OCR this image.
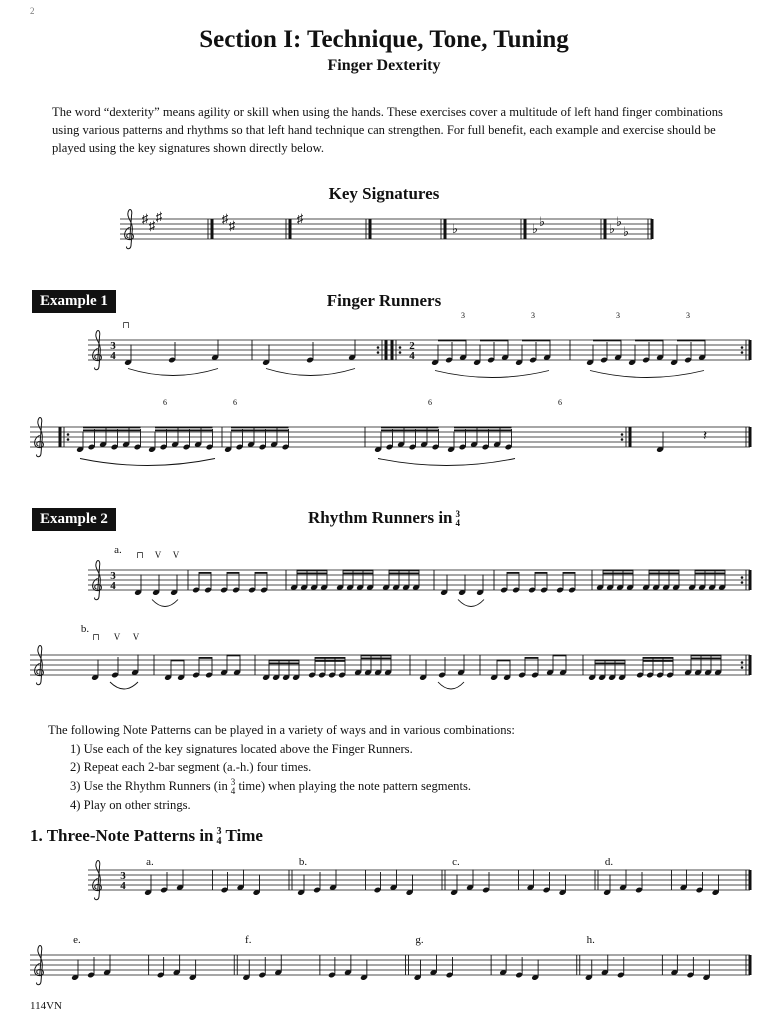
2
Section I: Technique, Tone, Tuning
Finger Dexterity
The word “dexterity” means agility or skill when using the hands. These exercises cover a multitude of left hand finger combinations using various patterns and rhythms so that left hand technique can strengthen. For full benefit, each example and exercise should be played using the key signatures shown directly below.
Key Signatures
Example 1	Finger Runners
Example 2	Rhythm Runners in 3
4
The following Note Patterns can be played in a variety of ways and in various combinations:
1) Use each of the key signatures located above the Finger Runners.
2) Repeat each 2-bar segment (a.-h.) four times.
3) Use the Rhythm Runners (in 3
4 time) when playing the note pattern segments.
4) Play on other strings.
1. Three-Note Patterns in 3
4 Time
114VN
♯ ♯
♯	♯ ♯	♯
♭	♭ ♭	♭ ♭
♭
3
4
⊓
2
4
3	3	3	3
6	6	6	6
𝄽
3
4
a. ⊓ V V
b.
⊓ V V
3
4
a.	b.	c.	d.
e.	f.	g.	h.
